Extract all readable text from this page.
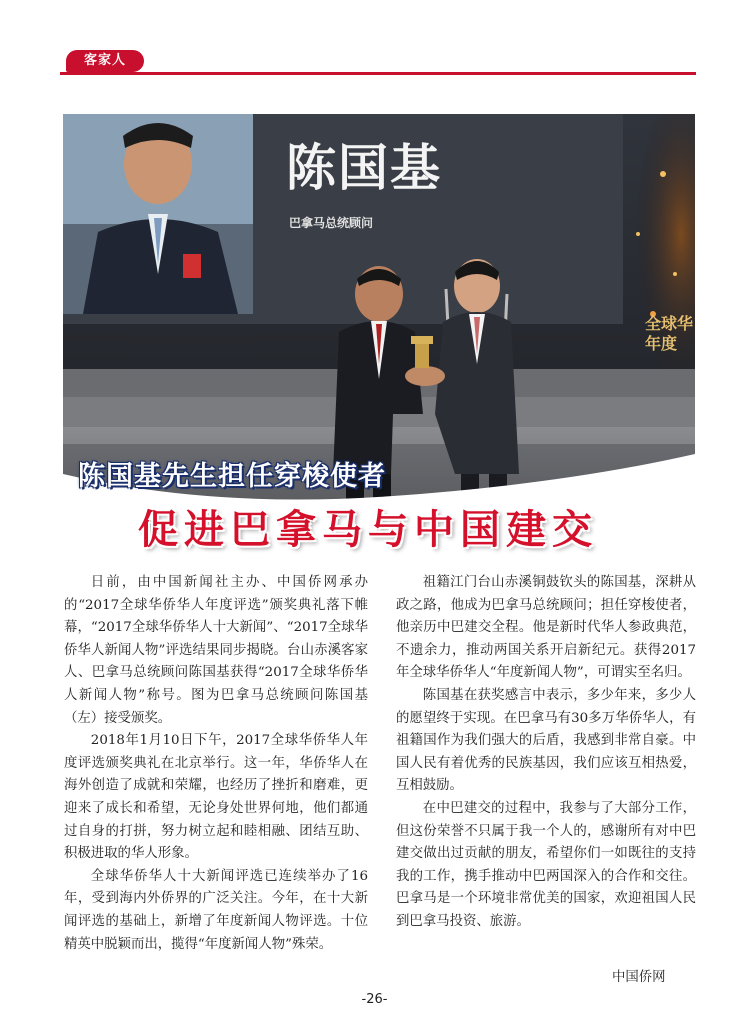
客家人
陈国基
巴拿马总统顾问
全球华
年度
陈国基先生担任穿梭使者
促进巴拿马与中国建交

日前，由中国新闻社主办、中国侨网承办的“2017全球华侨华人年度评选”颁奖典礼落下帷幕，“2017全球华侨华人十大新闻”、“2017全球华侨华人新闻人物”评选结果同步揭晓。台山赤溪客家人、巴拿马总统顾问陈国基获得“2017全球华侨华人新闻人物”称号。图为巴拿马总统顾问陈国基（左）接受颁奖。

2018年1月10日下午，2017全球华侨华人年度评选颁奖典礼在北京举行。这一年，华侨华人在海外创造了成就和荣耀，也经历了挫折和磨难，更迎来了成长和希望，无论身处世界何地，他们都通过自身的打拼，努力树立起和睦相融、团结互助、积极进取的华人形象。

全球华侨华人十大新闻评选已连续举办了16年，受到海内外侨界的广泛关注。今年，在十大新闻评选的基础上，新增了年度新闻人物评选。十位精英中脱颖而出，揽得“年度新闻人物”殊荣。

祖籍江门台山赤溪铜鼓钦头的陈国基，深耕从政之路，他成为巴拿马总统顾问；担任穿梭使者，他亲历中巴建交全程。他是新时代华人参政典范，不遗余力，推动两国关系开启新纪元。获得2017年全球华侨华人“年度新闻人物”，可谓实至名归。

陈国基在获奖感言中表示，多少年来，多少人的愿望终于实现。在巴拿马有30多万华侨华人，有祖籍国作为我们强大的后盾，我感到非常自豪。中国人民有着优秀的民族基因，我们应该互相热爱，互相鼓励。

在中巴建交的过程中，我参与了大部分工作，但这份荣誉不只属于我一个人的，感谢所有对中巴建交做出过贡献的朋友，希望你们一如既往的支持我的工作，携手推动中巴两国深入的合作和交往。巴拿马是一个环境非常优美的国家，欢迎祖国人民到巴拿马投资、旅游。

中国侨网
-26-
